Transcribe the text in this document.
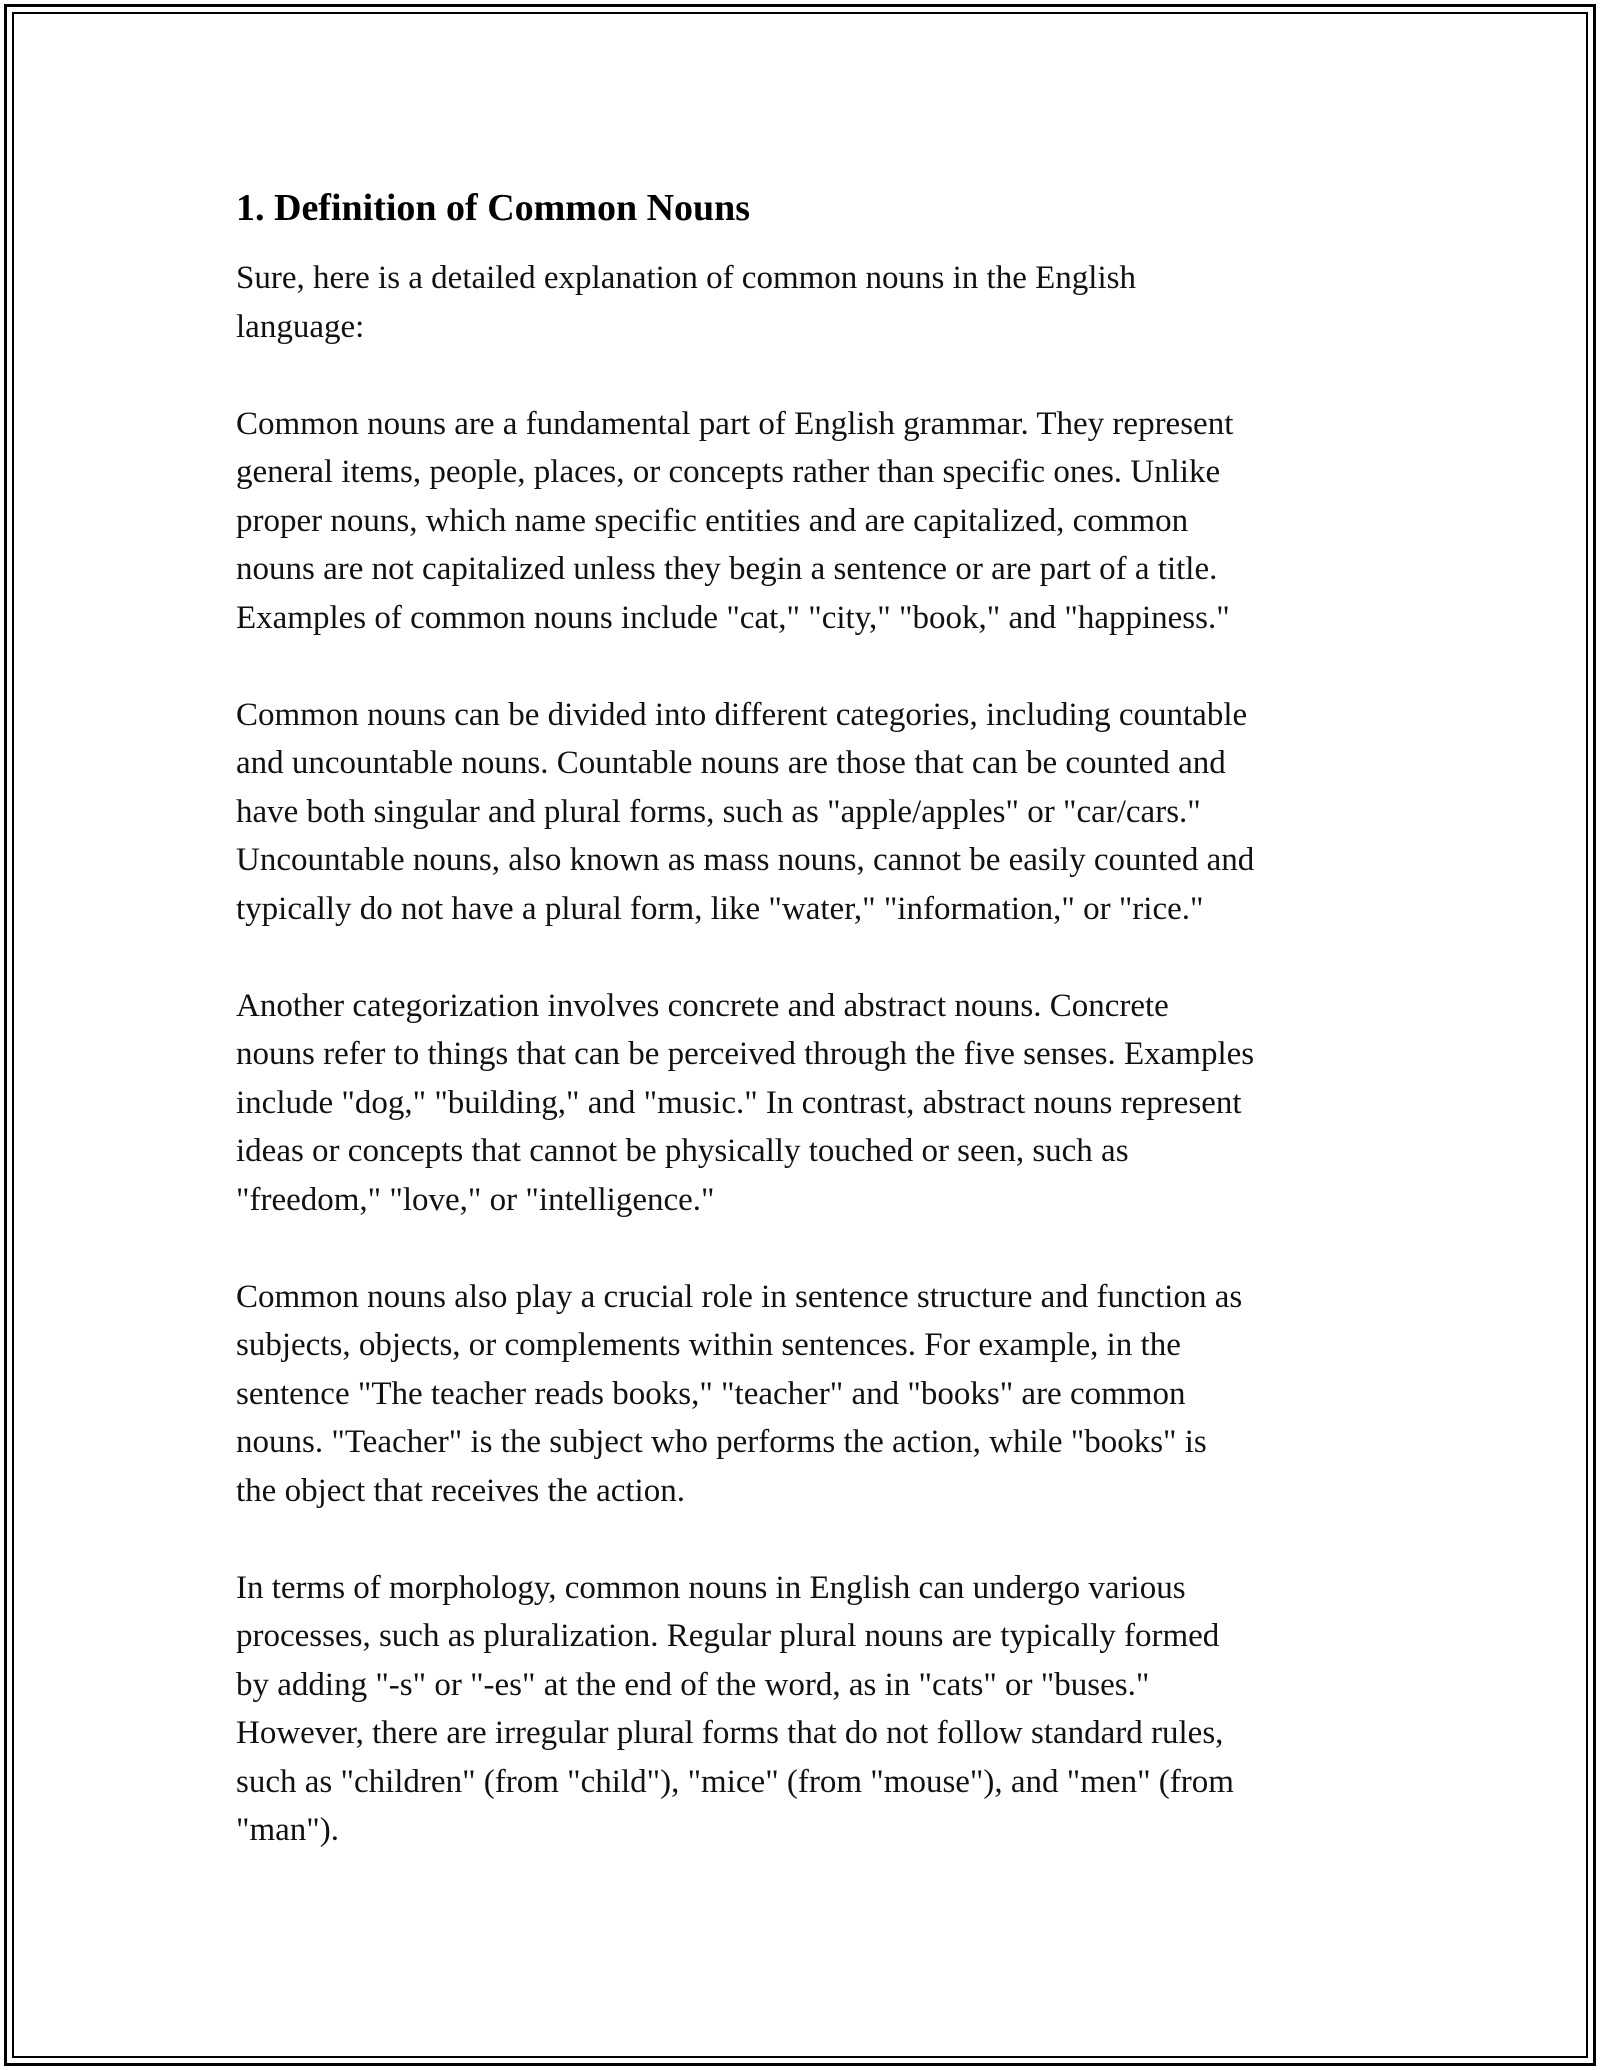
1. Definition of Common Nouns

Sure, here is a detailed explanation of common nouns in the English
language:

Common nouns are a fundamental part of English grammar. They represent
general items, people, places, or concepts rather than specific ones. Unlike
proper nouns, which name specific entities and are capitalized, common
nouns are not capitalized unless they begin a sentence or are part of a title.
Examples of common nouns include "cat," "city," "book," and "happiness."

Common nouns can be divided into different categories, including countable
and uncountable nouns. Countable nouns are those that can be counted and
have both singular and plural forms, such as "apple/apples" or "car/cars."
Uncountable nouns, also known as mass nouns, cannot be easily counted and
typically do not have a plural form, like "water," "information," or "rice."

Another categorization involves concrete and abstract nouns. Concrete
nouns refer to things that can be perceived through the five senses. Examples
include "dog," "building," and "music." In contrast, abstract nouns represent
ideas or concepts that cannot be physically touched or seen, such as
"freedom," "love," or "intelligence."

Common nouns also play a crucial role in sentence structure and function as
subjects, objects, or complements within sentences. For example, in the
sentence "The teacher reads books," "teacher" and "books" are common
nouns. "Teacher" is the subject who performs the action, while "books" is
the object that receives the action.

In terms of morphology, common nouns in English can undergo various
processes, such as pluralization. Regular plural nouns are typically formed
by adding "-s" or "-es" at the end of the word, as in "cats" or "buses."
However, there are irregular plural forms that do not follow standard rules,
such as "children" (from "child"), "mice" (from "mouse"), and "men" (from
"man").
